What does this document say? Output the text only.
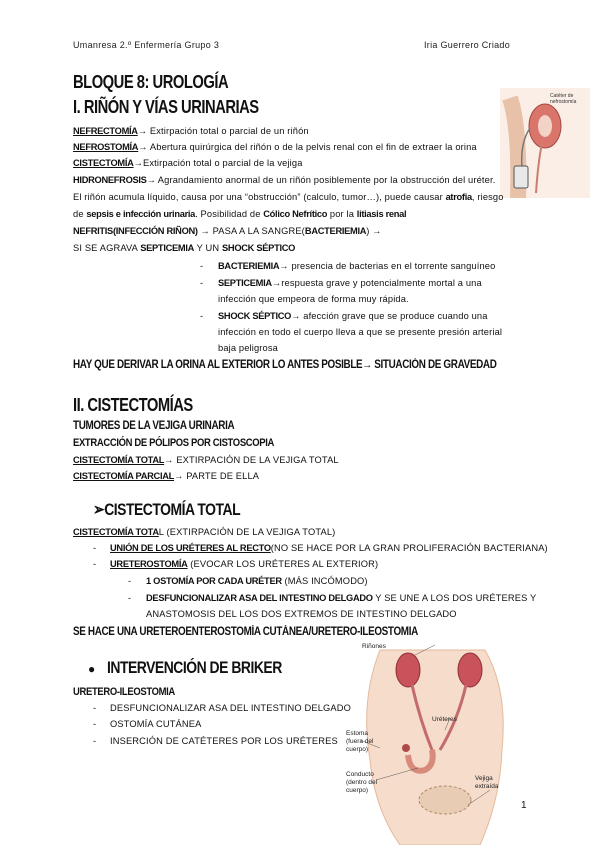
Umanresa 2.º Enfermería Grupo 3	Iria Guerrero Criado
Catéter de
nefrostomía
BLOQUE 8: UROLOGÍA
I. RIÑÓN Y VÍAS URINARIAS
NEFRECTOMÍA→ Extirpación total o parcial de un riñón
NEFROSTOMÍA→ Abertura quirúrgica del riñón o de la pelvis renal con el fin de extraer la orina
CISTECTOMÍA→Extirpación total o parcial de la vejiga
HIDRONEFROSIS→ Agrandamiento anormal de un riñón posiblemente por la obstrucción del uréter.
El riñón acumula líquido, causa por una “obstrucción” (calculo, tumor…), puede causar atrofia, riesgo
de sepsis e infección urinaria. Posibilidad de Cólico Nefrítico por la litiasis renal
NEFRITIS(INFECCIÓN RIÑON) → PASA A LA SANGRE(BACTERIEMIA) →
SI SE AGRAVA SEPTICEMIA Y UN SHOCK SÉPTICO
- BACTERIEMIA→ presencia de bacterias en el torrente sanguíneo
- SEPTICEMIA→respuesta grave y potencialmente mortal a una
infección que empeora de forma muy rápida.
- SHOCK SÉPTICO→ afección grave que se produce cuando una
infección en todo el cuerpo lleva a que se presente presión arterial
baja peligrosa
HAY QUE DERIVAR LA ORINA AL EXTERIOR LO ANTES POSIBLE→ SITUACIÓN DE GRAVEDAD
II. CISTECTOMÍAS
TUMORES DE LA VEJIGA URINARIA
EXTRACCIÓN DE PÓLIPOS POR CISTOSCOPIA
CISTECTOMÍA TOTAL→ EXTIRPACIÓN DE LA VEJIGA TOTAL
CISTECTOMÍA PARCIAL→ PARTE DE ELLA
➢CISTECTOMÍA TOTAL
CISTECTOMÍA TOTAL (EXTIRPACIÓN DE LA VEJIGA TOTAL)
- UNIÓN DE LOS URÉTERES AL RECTO(NO SE HACE POR LA GRAN PROLIFERACIÓN BACTERIANA)
- URETEROSTOMÍA (EVOCAR LOS URÉTERES AL EXTERIOR)
- 1 OSTOMÍA POR CADA URÉTER (MÁS INCÓMODO)
- DESFUNCIONALIZAR ASA DEL INTESTINO DELGADO Y SE UNE A LOS DOS URÉTERES Y
ANASTOMOSIS DEL LOS DOS EXTREMOS DE INTESTINO DELGADO
SE HACE UNA URETEROENTEROSTOMÍA CUTÁNEA/URETERO-ILEOSTOMIA
● INTERVENCIÓN DE BRIKER
URETERO-ILEOSTOMIA
- DESFUNCIONALIZAR ASA DEL INTESTINO DELGADO
- OSTOMÍA CUTÁNEA
- INSERCIÓN DE CATÉTERES POR LOS URÉTERES
Riñones
Uréteres
Estoma
(fuera del
cuerpo)
Conducto
(dentro del
cuerpo)
Vejiga
extraída
1
